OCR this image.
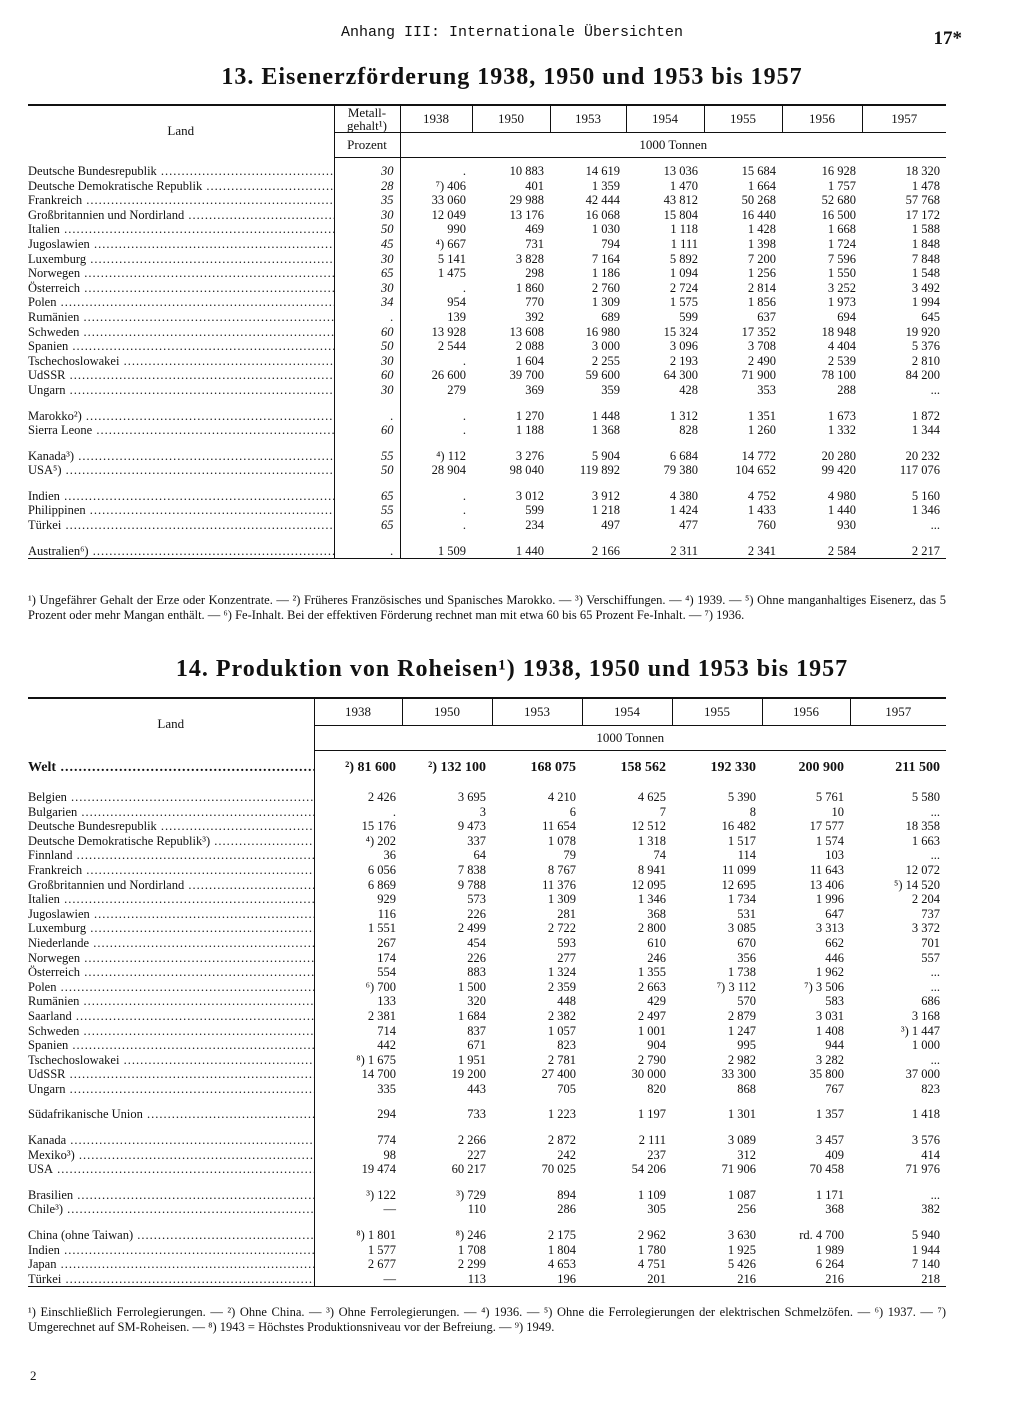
Anhang III: Internationale Übersichten	17*
13. Eisenerzförderung 1938, 1950 und 1953 bis 1957
Land	Metall-gehalt¹)	1938	1950	1953	1954	1955	1956	1957
	Prozent	1000 Tonnen						

Deutsche Bundesrepublik .....	30	.	10 883	14 619	13 036	15 684	16 928	18 320

Deutsche Demokratische Republik .....	28	⁷) 406	401	1 359	1 470	1 664	1 757	1 478

Frankreich .....	35	33 060	29 988	42 444	43 812	50 268	52 680	57 768

Großbritannien und Nordirland .....	30	12 049	13 176	16 068	15 804	16 440	16 500	17 172

Italien .....	50	990	469	1 030	1 118	1 428	1 668	1 588

Jugoslawien .....	45	⁴) 667	731	794	1 111	1 398	1 724	1 848

Luxemburg .....	30	5 141	3 828	7 164	5 892	7 200	7 596	7 848

Norwegen .....	65	1 475	298	1 186	1 094	1 256	1 550	1 548

Österreich .....	30	.	1 860	2 760	2 724	2 814	3 252	3 492

Polen .....	34	954	770	1 309	1 575	1 856	1 973	1 994

Rumänien .....	.	139	392	689	599	637	694	645

Schweden .....	60	13 928	13 608	16 980	15 324	17 352	18 948	19 920

Spanien .....	50	2 544	2 088	3 000	3 096	3 708	4 404	5 376

Tschechoslowakei .....	30	.	1 604	2 255	2 193	2 490	2 539	2 810

UdSSR .....	60	26 600	39 700	59 600	64 300	71 900	78 100	84 200

Ungarn .....	30	279	369	359	428	353	288	...

Marokko²) .....	.	.	1 270	1 448	1 312	1 351	1 673	1 872

Sierra Leone .....	60	.	1 188	1 368	828	1 260	1 332	1 344

Kanada³) .....	55	⁴) 112	3 276	5 904	6 684	14 772	20 280	20 232

USA⁵) .....	50	28 904	98 040	119 892	79 380	104 652	99 420	117 076

Indien .....	65	.	3 012	3 912	4 380	4 752	4 980	5 160

Philippinen .....	55	.	599	1 218	1 424	1 433	1 440	1 346

Türkei .....	65	.	234	497	477	760	930	...

Australien⁶) .....	.	1 509	1 440	2 166	2 311	2 341	2 584	2 217
¹) Ungefährer Gehalt der Erze oder Konzentrate. — ²) Früheres Französisches und Spanisches Marokko. — ³) Verschiffungen. — ⁴) 1939. — ⁵) Ohne manganhaltiges Eisenerz, das 5 Prozent oder mehr Mangan enthält. — ⁶) Fe-Inhalt. Bei der effektiven Förderung rechnet man mit etwa 60 bis 65 Prozent Fe-Inhalt. — ⁷) 1936.
14. Produktion von Roheisen¹) 1938, 1950 und 1953 bis 1957
Land	1938	1950	1953	1954	1955	1956	1957
	1000 Tonnen						

Welt .....	²) 81 600	²) 132 100	168 075	158 562	192 330	200 900	211 500

Belgien .....	2 426	3 695	4 210	4 625	5 390	5 761	5 580

Bulgarien .....	.	3	6	7	8	10	...

Deutsche Bundesrepublik .....	15 176	9 473	11 654	12 512	16 482	17 577	18 358

Deutsche Demokratische Republik³) .....	⁴) 202	337	1 078	1 318	1 517	1 574	1 663

Finnland .....	36	64	79	74	114	103	...

Frankreich .....	6 056	7 838	8 767	8 941	11 099	11 643	12 072

Großbritannien und Nordirland .....	6 869	9 788	11 376	12 095	12 695	13 406	⁵) 14 520

Italien .....	929	573	1 309	1 346	1 734	1 996	2 204

Jugoslawien .....	116	226	281	368	531	647	737

Luxemburg .....	1 551	2 499	2 722	2 800	3 085	3 313	3 372

Niederlande .....	267	454	593	610	670	662	701

Norwegen .....	174	226	277	246	356	446	557

Österreich .....	554	883	1 324	1 355	1 738	1 962	...

Polen .....	⁶) 700	1 500	2 359	2 663	⁷) 3 112	⁷) 3 506	...

Rumänien .....	133	320	448	429	570	583	686

Saarland .....	2 381	1 684	2 382	2 497	2 879	3 031	3 168

Schweden .....	714	837	1 057	1 001	1 247	1 408	³) 1 447

Spanien .....	442	671	823	904	995	944	1 000

Tschechoslowakei .....	⁸) 1 675	1 951	2 781	2 790	2 982	3 282	...

UdSSR .....	14 700	19 200	27 400	30 000	33 300	35 800	37 000

Ungarn .....	335	443	705	820	868	767	823

Südafrikanische Union .....	294	733	1 223	1 197	1 301	1 357	1 418

Kanada .....	774	2 266	2 872	2 111	3 089	3 457	3 576

Mexiko³) .....	98	227	242	237	312	409	414

USA .....	19 474	60 217	70 025	54 206	71 906	70 458	71 976

Brasilien .....	³) 122	³) 729	894	1 109	1 087	1 171	...

Chile³) .....	—	110	286	305	256	368	382

China (ohne Taiwan) .....	⁸) 1 801	⁸) 246	2 175	2 962	3 630	rd. 4 700	5 940

Indien .....	1 577	1 708	1 804	1 780	1 925	1 989	1 944

Japan .....	2 677	2 299	4 653	4 751	5 426	6 264	7 140

Türkei .....	—	113	196	201	216	216	218
¹) Einschließlich Ferrolegierungen. — ²) Ohne China. — ³) Ohne Ferrolegierungen. — ⁴) 1936. — ⁵) Ohne die Ferrolegierungen der elektrischen Schmelzöfen. — ⁶) 1937. — ⁷) Umgerechnet auf SM-Roheisen. — ⁸) 1943 = Höchstes Produktionsniveau vor der Befreiung. — ⁹) 1949.
2
